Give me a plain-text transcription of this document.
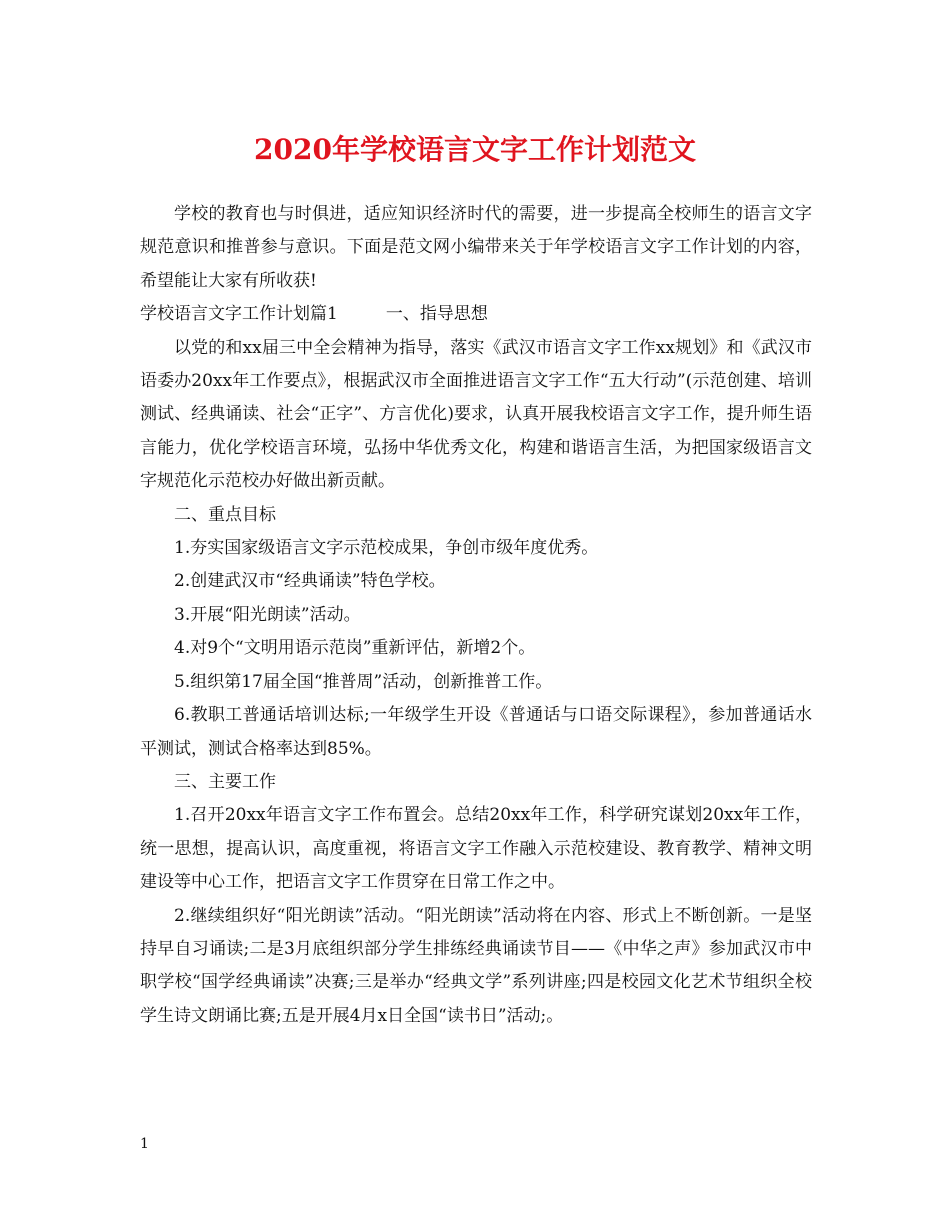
2020年学校语言文字工作计划范文

学校的教育也与时俱进，适应知识经济时代的需要，进一步提高全校师生的语言文字规范意识和推普参与意识。下面是范文网小编带来关于年学校语言文字工作计划的内容，希望能让大家有所收获!

学校语言文字工作计划篇1	一、指导思想

以党的和xx届三中全会精神为指导，落实《武汉市语言文字工作xx规划》和《武汉市语委办20xx年工作要点》，根据武汉市全面推进语言文字工作“五大行动”(示范创建、培训测试、经典诵读、社会“正字”、方言优化)要求，认真开展我校语言文字工作，提升师生语言能力，优化学校语言环境，弘扬中华优秀文化，构建和谐语言生活，为把国家级语言文字规范化示范校办好做出新贡献。

二、重点目标

1.夯实国家级语言文字示范校成果，争创市级年度优秀。

2.创建武汉市“经典诵读”特色学校。

3.开展“阳光朗读”活动。

4.对9个“文明用语示范岗”重新评估，新增2个。

5.组织第17届全国“推普周”活动，创新推普工作。

6.教职工普通话培训达标;一年级学生开设《普通话与口语交际课程》，参加普通话水平测试，测试合格率达到85%。

三、主要工作

1.召开20xx年语言文字工作布置会。总结20xx年工作，科学研究谋划20xx年工作，统一思想，提高认识，高度重视，将语言文字工作融入示范校建设、教育教学、精神文明建设等中心工作，把语言文字工作贯穿在日常工作之中。

2.继续组织好“阳光朗读”活动。“阳光朗读”活动将在内容、形式上不断创新。一是坚持早自习诵读;二是3月底组织部分学生排练经典诵读节目——《中华之声》参加武汉市中职学校“国学经典诵读”决赛;三是举办“经典文学”系列讲座;四是校园文化艺术节组织全校学生诗文朗诵比赛;五是开展4月x日全国“读书日”活动;。

1
